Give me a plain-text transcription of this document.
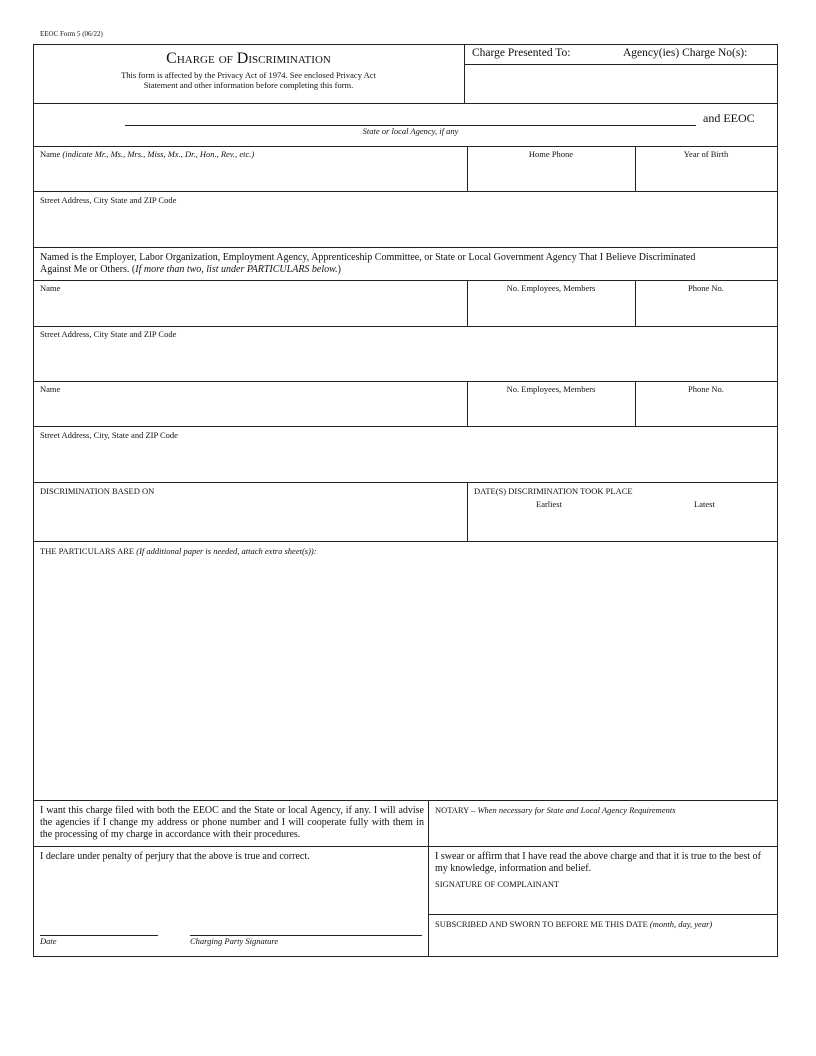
EEOC Form 5 (06/22)
Charge of Discrimination
This form is affected by the Privacy Act of 1974. See enclosed Privacy Act
Statement and other information before completing this form.
Charge Presented To:	Agency(ies) Charge No(s):
State or local Agency, if any
and EEOC
Name (indicate Mr., Ms., Mrs., Miss, Mx., Dr., Hon., Rev., etc.)	Home Phone	Year of Birth
Street Address, City State and ZIP Code
Named is the Employer, Labor Organization, Employment Agency, Apprenticeship Committee, or State or Local Government Agency That I Believe Discriminated
Against Me or Others. (If more than two, list under PARTICULARS below.)
Name	No. Employees, Members	Phone No.
Street Address, City State and ZIP Code
Name	No. Employees, Members	Phone No.
Street Address, City, State and ZIP Code
DISCRIMINATION BASED ON	DATE(S) DISCRIMINATION TOOK PLACE
Earliest	Latest
THE PARTICULARS ARE (If additional paper is needed, attach extra sheet(s)):
I want this charge filed with both the EEOC and the State or local Agency, if any. I will advise the agencies if I change my address or phone number and I will cooperate fully with them in the processing of my charge in accordance with their procedures.
NOTARY – When necessary for State and Local Agency Requirements
I declare under penalty of perjury that the above is true and correct.	I swear or affirm that I have read the above charge and that it is true to the best of my knowledge, information and belief.
SIGNATURE OF COMPLAINANT
SUBSCRIBED AND SWORN TO BEFORE ME THIS DATE (month, day, year)
Date	Charging Party Signature
